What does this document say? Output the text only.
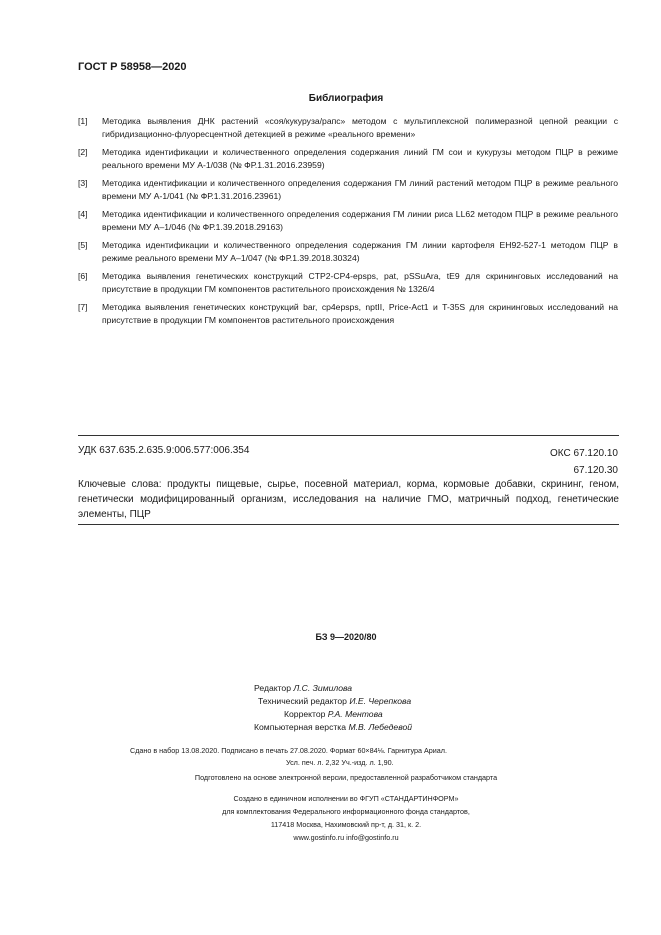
ГОСТ Р 58958—2020
Библиография
[1]	Методика выявления ДНК растений «соя/кукуруза/рапс» методом с мультиплексной полимеразной цепной реакции с гибридизационно-флуоресцентной детекцией в режиме «реального времени»
[2]	Методика идентификации и количественного определения содержания линий ГМ сои и кукурузы методом ПЦР в режиме реального времени МУ А-1/038 (№ ФР.1.31.2016.23959)
[3]	Методика идентификации и количественного определения содержания ГМ линий растений методом ПЦР в режиме реального времени МУ А-1/041 (№ ФР.1.31.2016.23961)
[4]	Методика идентификации и количественного определения содержания ГМ линии риса LL62 методом ПЦР в режиме реального времени МУ А–1/046 (№ ФР.1.39.2018.29163)
[5]	Методика идентификации и количественного определения содержания ГМ линии картофеля EH92-527-1 методом ПЦР в режиме реального времени МУ А–1/047 (№ ФР.1.39.2018.30324)
[6]	Методика выявления генетических конструкций CTP2-CP4-epsps, pat, pSSuAra, tE9 для скрининговых исследований на присутствие в продукции ГМ компонентов растительного происхождения № 1326/4
[7]	Методика выявления генетических конструкций bar, cp4epsps, nptII, Price-Act1 и T-35S для скрининговых исследований на присутствие в продукции ГМ компонентов растительного происхождения
УДК 637.635.2.635.9:006.577:006.354	ОКС 67.120.10
67.120.30
Ключевые слова: продукты пищевые, сырье, посевной материал, корма, кормовые добавки, скрининг, геном, генетически модифицированный организм, исследования на наличие ГМО, матричный подход, генетические элементы, ПЦР
БЗ 9—2020/80
Редактор Л.С. Зимилова
Технический редактор И.Е. Черепкова
Корректор Р.А. Ментова
Компьютерная верстка М.В. Лебедевой
Сдано в набор 13.08.2020. Подписано в печать 27.08.2020. Формат 60×84⅛. Гарнитура Ариал.
Усл. печ. л. 2,32 Уч.-изд. л. 1,90.
Подготовлено на основе электронной версии, предоставленной разработчиком стандарта
Создано в единичном исполнении во ФГУП «СТАНДАРТИНФОРМ»
для комплектования Федерального информационного фонда стандартов,
117418 Москва, Нахимовский пр-т, д. 31, к. 2.
www.gostinfo.ru info@gostinfo.ru
